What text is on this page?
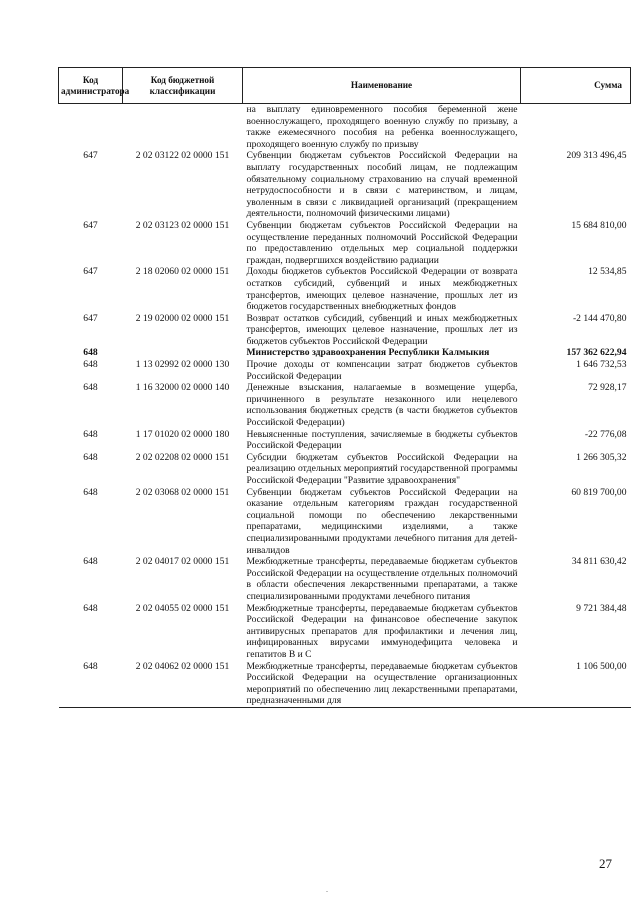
Код администратора	Код бюджетной классификации	Наименование	Сумма
		на выплату единовременного пособия беременной жене военнослужащего, проходящего военную службу по призыву, а также ежемесячного пособия на ребенка военнослужащего, проходящего военную службу по призыву	
647	2 02 03122 02 0000 151	Субвенции бюджетам субъектов Российской Федерации на выплату государственных пособий лицам, не подлежащим обязательному социальному страхованию на случай временной нетрудоспособности и в связи с материнством, и лицам, уволенным в связи с ликвидацией организаций (прекращением деятельности, полномочий физическими лицами)	209 313 496,45
647	2 02 03123 02 0000 151	Субвенции бюджетам субъектов Российской Федерации на осуществление переданных полномочий Российской Федерации по предоставлению отдельных мер социальной поддержки граждан, подвергшихся воздействию радиации	15 684 810,00
647	2 18 02060 02 0000 151	Доходы бюджетов субъектов Российской Федерации от возврата остатков субсидий, субвенций и иных межбюджетных трансфертов, имеющих целевое назначение, прошлых лет из бюджетов государственных внебюджетных фондов	12 534,85
647	2 19 02000 02 0000 151	Возврат остатков субсидий, субвенций и иных межбюджетных трансфертов, имеющих целевое назначение, прошлых лет из бюджетов субъектов Российской Федерации	-2 144 470,80
648		Министерство здравоохранения Республики Калмыкия	157 362 622,94
648	1 13 02992 02 0000 130	Прочие доходы от компенсации затрат бюджетов субъектов Российской Федерации	1 646 732,53
648	1 16 32000 02 0000 140	Денежные взыскания, налагаемые в возмещение ущерба, причиненного в результате незаконного или нецелевого использования бюджетных средств (в части бюджетов субъектов Российской Федерации)	72 928,17
648	1 17 01020 02 0000 180	Невыясненные поступления, зачисляемые в бюджеты субъектов Российской Федерации	-22 776,08
648	2 02 02208 02 0000 151	Субсидии бюджетам субъектов Российской Федерации на реализацию отдельных мероприятий государственной программы Российской Федерации "Развитие здравоохранения"	1 266 305,32
648	2 02 03068 02 0000 151	Субвенции бюджетам субъектов Российской Федерации на оказание отдельным категориям граждан государственной социальной помощи по обеспечению лекарственными препаратами, медицинскими изделиями, а также специализированными продуктами лечебного питания для детей-инвалидов	60 819 700,00
648	2 02 04017 02 0000 151	Межбюджетные трансферты, передаваемые бюджетам субъектов Российской Федерации на осуществление отдельных полномочий в области обеспечения лекарственными препаратами, а также специализированными продуктами лечебного питания	34 811 630,42
648	2 02 04055 02 0000 151	Межбюджетные трансферты, передаваемые бюджетам субъектов Российской Федерации на финансовое обеспечение закупок антивирусных препаратов для профилактики и лечения лиц, инфицированных вирусами иммунодефицита человека и гепатитов В и С	9 721 384,48
648	2 02 04062 02 0000 151	Межбюджетные трансферты, передаваемые бюджетам субъектов Российской Федерации на осуществление организационных мероприятий по обеспечению лиц лекарственными препаратами, предназначенными для	1 106 500,00

27
.
